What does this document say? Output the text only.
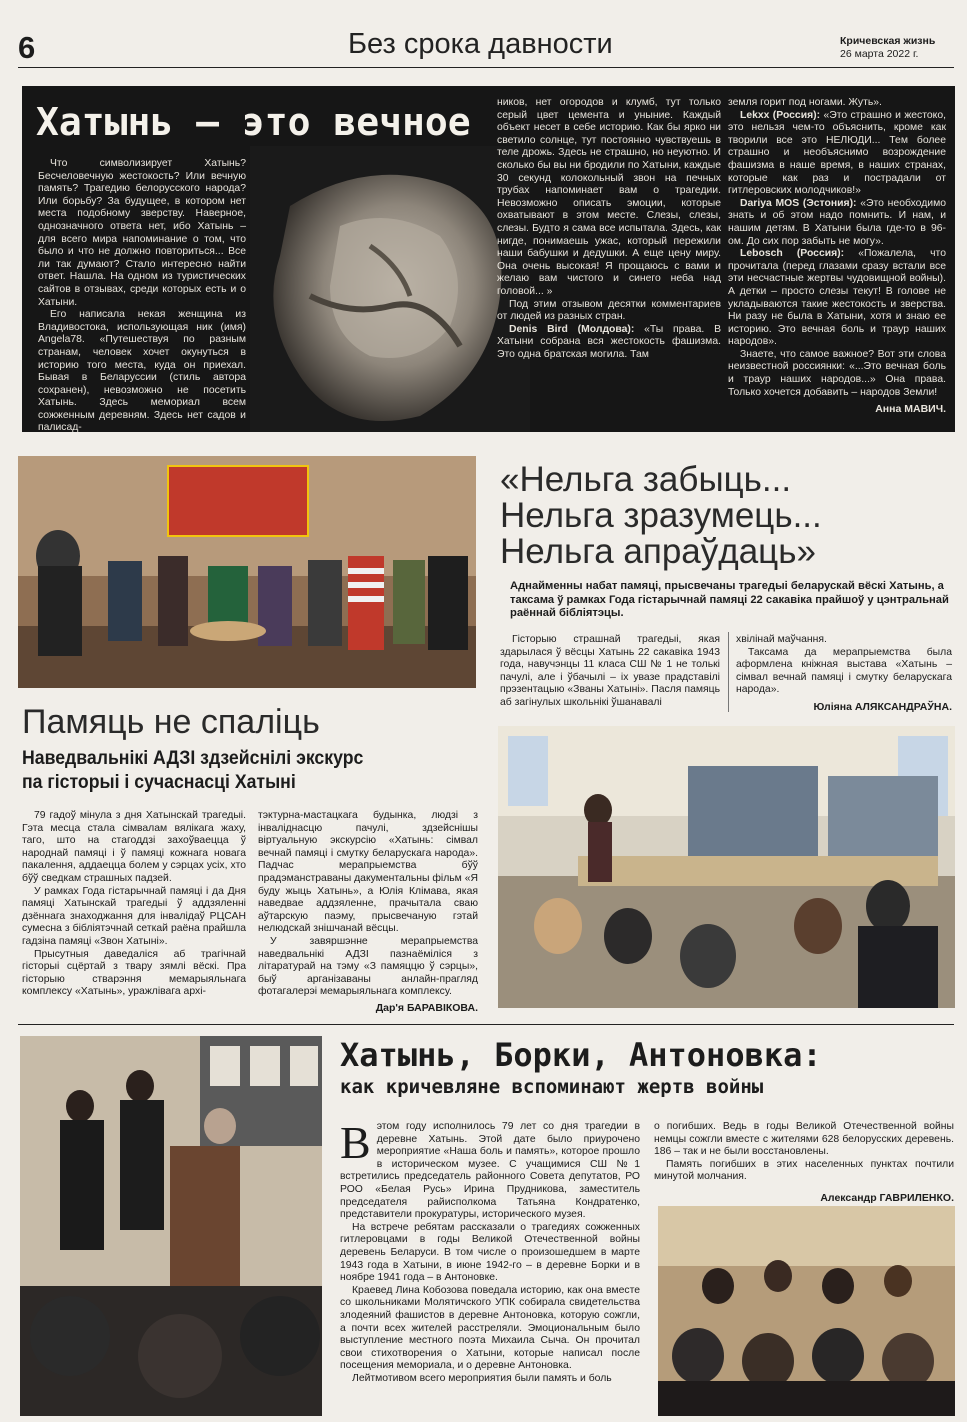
6	Без срока давности	Кричевская жизнь
26 марта 2022 г.
Хатынь – это вечное

Что символизирует Хатынь? Бесчеловечную жестокость? Или вечную память? Трагедию белорусского народа? Или борьбу? За будущее, в котором нет места подобному зверству. Наверное, однозначного ответа нет, ибо Хатынь – для всего мира напоминание о том, что было и что не должно повториться... Все ли так думают? Стало интересно найти ответ. Нашла. На одном из туристических сайтов в отзывах, среди которых есть и о Хатыни.

Его написала некая женщина из Владивостока, использующая ник (имя) Angela78. «Путешествуя по разным странам, человек хочет окунуться в историю того места, куда он приехал. Бывая в Беларуссии (стиль автора сохранен), невозможно не посетить Хатынь. Здесь мемориал всем сожженным деревням. Здесь нет садов и палисад-

ников, нет огородов и клумб, тут только серый цвет цемента и уныние. Каждый объект несет в себе историю. Как бы ярко ни светило солнце, тут постоянно чувствуешь в теле дрожь. Здесь не страшно, но неуютно. И сколько бы вы ни бродили по Хатыни, каждые 30 секунд колокольный звон на печных трубах напоминает вам о трагедии. Невозможно описать эмоции, которые охватывают в этом месте. Слезы, слезы, слезы. Будто я сама все испытала. Здесь, как нигде, понимаешь ужас, который пережили наши бабушки и дедушки. А еще цену миру. Она очень высокая! Я прощаюсь с вами и желаю вам чистого и синего неба над головой... »

Под этим отзывом десятки комментариев от людей из разных стран.

Denis Bird (Молдова): «Ты права. В Хатыни собрана вся жестокость фашизма. Это одна братская могила. Там

земля горит под ногами. Жуть».

Lekxx (Россия): «Это страшно и жестоко, это нельзя чем-то объяснить, кроме как творили все это НЕЛЮДИ... Тем более страшно и необъяснимо возрождение фашизма в наше время, в наших странах, которые как раз и пострадали от гитлеровских молодчиков!»

Dariya MOS (Эстония): «Это необходимо знать и об этом надо помнить. И нам, и нашим детям. В Хатыни была где-то в 96-ом. До сих пор забыть не могу».

Lebosch (Россия): «Пожалела, что прочитала (перед глазами сразу встали все эти несчастные жертвы чудовищной войны). А детки – просто слезы текут! В голове не укладываются такие жестокость и зверства. Ни разу не была в Хатыни, хотя и знаю ее историю. Это вечная боль и траур наших народов».

Знаете, что самое важное? Вот эти слова неизвестной россиянки: «...Это вечная боль и траур наших народов...» Она права. Только хочется добавить – народов Земли!

Анна МАВИЧ.
«Нельга забыць...
Нельга зразумець...
Нельга апраўдаць»
Аднайменны набат памяці, прысвечаны трагедыі беларускай вёскі Хатынь, а таксама ў рамках Года гістарычнай памяці 22 сакавіка прайшоў у цэнтральнай раённай бібліятэцы.

Гісторыю страшнай трагедыі, якая здарылася ў вёсцы Хатынь 22 сакавіка 1943 года, навучэнцы 11 класа СШ № 1 не толькі пачулі, але і ўбачылі – іх увазе прадставілі прэзентацыю «Званы Хатыні». Пасля памяць аб загінулых школьнікі ўшанавалі

хвілінай маўчання.

Таксама да мерапрыемства была аформлена кніжная выстава «Хатынь – сімвал вечнай памяці і смутку беларускага народа».

Юліяна АЛЯКСАНДРАЎНА.
Памяць не спаліць
Наведвальнікі АДЗІ здзейснілі экскурс
па гісторыі і сучаснасці Хатыні

79 гадоў мінула з дня Хатынскай трагедыі. Гэта месца стала сімвалам вялікага жаху, таго, што на стагоддзі захоўваецца ў народнай памяці і ў памяці кожнага новага пакалення, аддаецца болем у сэрцах усіх, хто бўў сведкам страшных падзей.

У рамках Года гістарычнай памяці і да Дня памяці Хатынскай трагедыі ў аддзяленні дзённага знаходжання для інвалідаў РЦСАН сумесна з бібліятэчнай сеткай раёна прайшла гадзіна памяці «Звон Хатыні».

Прысутныя даведаліся аб трагічнай гісторыі сцёртай з твару зямлі вёскі. Пра гісторыю стварэння мемарыяльнага комплексу «Хатынь», уражлівага архі-

тэктурна-мастацкага будынка, людзі з інваліднасцю пачулі, здзейснішы віртуальную экскурсію «Хатынь: сімвал вечнай памяці і смутку беларускага народа». Падчас мерапрыемства бўў прадэманстраваны дакументальны фільм «Я буду жыць Хатынь», а Юлія Клімава, якая наведвае аддзяленне, прачытала сваю аўтарскую паэму, прысвечаную гэтай нелюдскай знішчанай вёсцы.

У завяршэнне мерапрыемства наведвальнікі АДЗІ пазнаёміліся з літаратурай на тэму «З памяццю ў сэрцы», быў арганізаваны анлайн-прагляд фотагалерэі мемарыяльнага комплексу.

Дар'я БАРАВІКОВА.
Хатынь, Борки, Антоновка:
как кричевляне вспоминают жертв войны

Вэтом году исполнилось 79 лет со дня трагедии в деревне Хатынь. Этой дате было приурочено мероприятие «Наша боль и память», которое прошло в историческом музее. С учащимися СШ №1 встретились председатель районного Совета депутатов, РО РОО «Белая Русь» Ирина Прудникова, заместитель председателя райисполкома Татьяна Кондратенко, представители прокуратуры, исторического музея.

На встрече ребятам рассказали о трагедиях сожженных гитлеровцами в годы Великой Отечественной войны деревень Беларуси. В том числе о произошедшем в марте 1943 года в Хатыни, в июне 1942-го – в деревне Борки и в ноябре 1941 года – в Антоновке.

Краевед Лина Кобозова поведала историю, как она вместе со школьниками Молятичского УПК собирала свидетельства злодеяний фашистов в деревне Антоновка, которую сожгли, а почти всех жителей расстреляли. Эмоциональным было выступление местного поэта Михаила Сыча. Он прочитал свои стихотворения о Хатыни, которые написал после посещения мемориала, и о деревне Антоновка.

Лейтмотивом всего мероприятия были память и боль

о погибших. Ведь в годы Великой Отечественной войны немцы сожгли вместе с жителями 628 белорусских деревень. 186 – так и не были восстановлены.

Память погибших в этих населенных пунктах почтили минутой молчания.

Александр ГАВРИЛЕНКО.
